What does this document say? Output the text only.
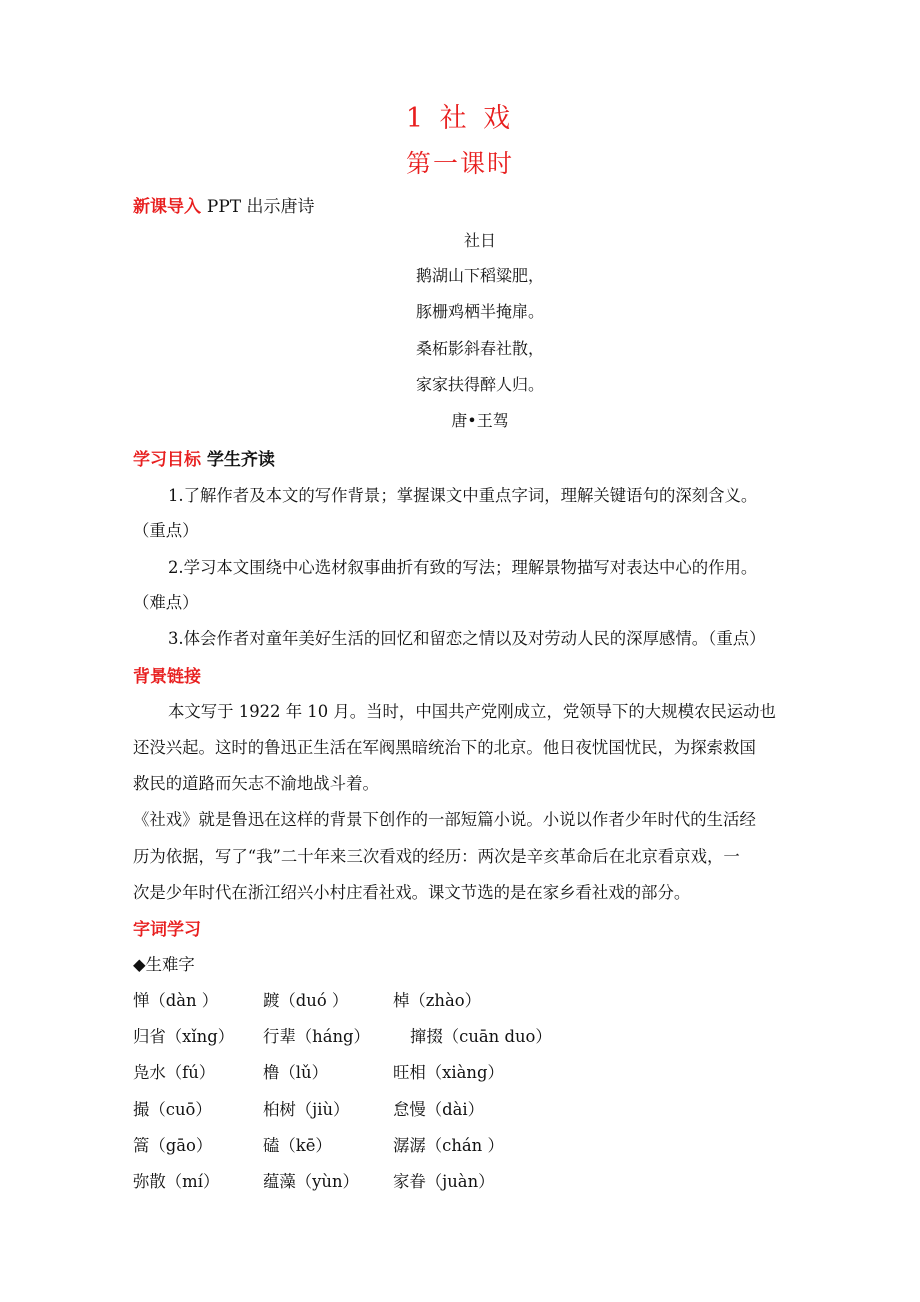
1 社 戏
第一课时
新课导入 PPT 出示唐诗
社日
鹅湖山下稻粱肥，
豚栅鸡栖半掩扉。
桑柘影斜春社散，
家家扶得醉人归。
唐•王驾
学习目标 学生齐读
1.了解作者及本文的写作背景；掌握课文中重点字词，理解关键语句的深刻含义。
（重点）
2.学习本文围绕中心选材叙事曲折有致的写法；理解景物描写对表达中心的作用。
（难点）
3.体会作者对童年美好生活的回忆和留恋之情以及对劳动人民的深厚感情。（重点）
背景链接
本文写于 1922 年 10 月。当时，中国共产党刚成立，党领导下的大规模农民运动也
还没兴起。这时的鲁迅正生活在军阀黑暗统治下的北京。他日夜忧国忧民，为探索救国
救民的道路而矢志不渝地战斗着。
《社戏》就是鲁迅在这样的背景下创作的一部短篇小说。小说以作者少年时代的生活经
历为依据，写了“我”二十年来三次看戏的经历：两次是辛亥革命后在北京看京戏，一
次是少年时代在浙江绍兴小村庄看社戏。课文节选的是在家乡看社戏的部分。
字词学习
◆生难字
惮（dàn ）	踱（duó ）	棹（zhào）
归省（xǐng） 行辈（háng） 撺掇（cuān duo）
凫水（fú）	橹（lǔ）	旺相（xiàng）
撮（cuō）	桕树（jiù）	怠慢（dài）
篙（gāo）	磕（kē）	潺潺（chán ）
弥散（mí）	蕴藻（yùn） 家眷（juàn）
